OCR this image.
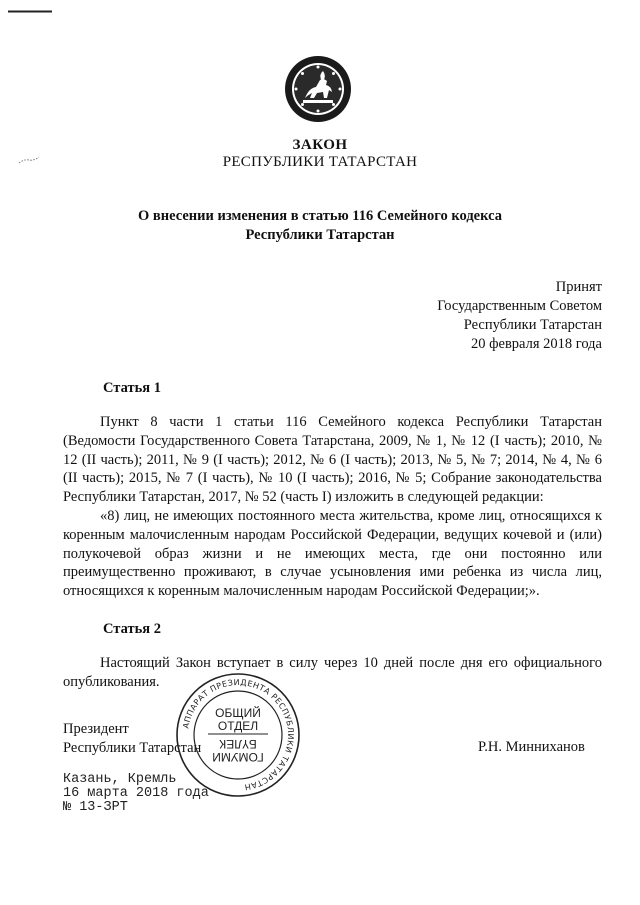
ЗАКОН
РЕСПУБЛИКИ ТАТАРСТАН
О внесении изменения в статью 116 Семейного кодекса
Республики Татарстан
Принят
Государственным Советом
Республики Татарстан
20 февраля 2018 года
Статья 1

Пункт 8 части 1 статьи 116 Семейного кодекса Республики Татарстан (Ведомости Государственного Совета Татарстана, 2009, № 1, № 12 (I часть); 2010, № 12 (II часть); 2011, № 9 (I часть); 2012, № 6 (I часть); 2013, № 5, № 7; 2014, № 4, № 6 (II часть); 2015, № 7 (I часть), № 10 (I часть); 2016, № 5; Собрание законодательства Республики Татарстан, 2017, № 52 (часть I) изложить в следующей редакции:

«8) лиц, не имеющих постоянного места жительства, кроме лиц, относящихся к коренным малочисленным народам Российской Федерации, ведущих кочевой и (или) полукочевой образ жизни и не имеющих места, где они постоянно или преимущественно проживают, в случае усыновления ими ребенка из числа лиц, относящихся к коренным малочисленным народам Российской Федерации;».

Статья 2

Настоящий Закон вступает в силу через 10 дней после дня его официального опубликования.

Президент
Республики Татарстан	Р.Н. Минниханов
Казань, Кремль
16 марта 2018 года
№ 13-ЗРТ
АППАРАТ ПРЕЗИДЕНТА РЕСПУБЛИКИ ТАТАРСТАН
ОБЩИЙ
ОТДЕЛ
ГОМУМИ
БҮЛЕК
